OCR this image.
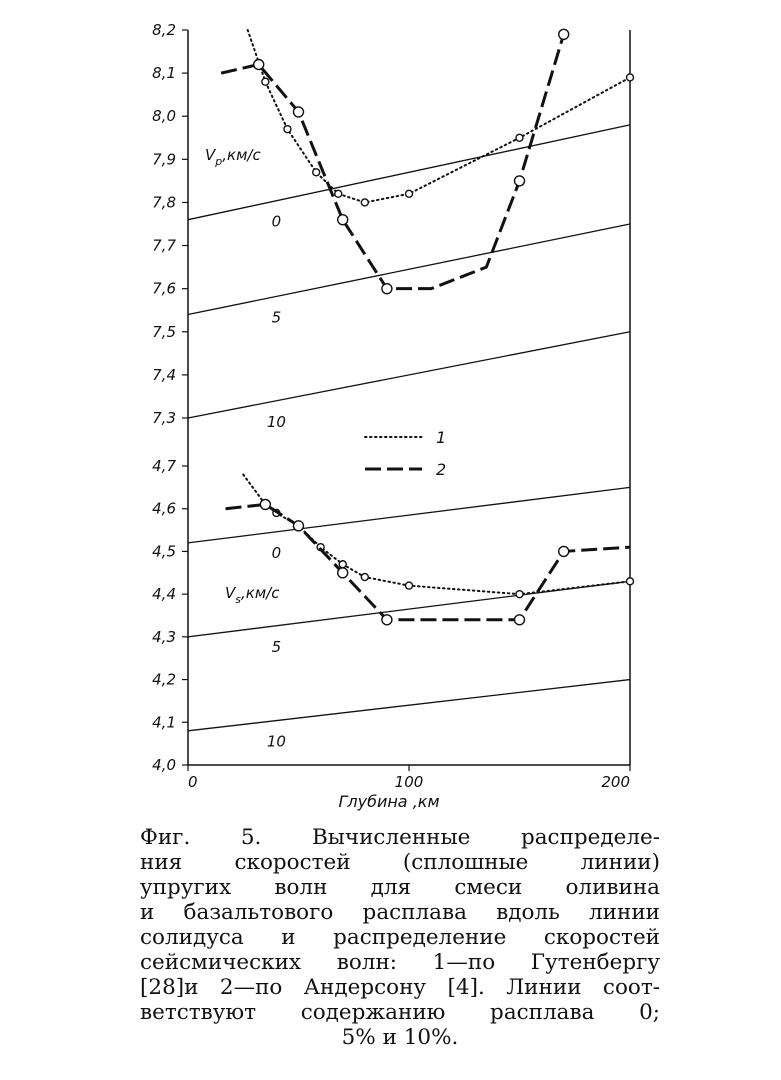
7,3
7,4
7,5
7,6
7,7
7,8
7,9
8,0
8,1
8,2
0
5
10
$V_p,км/с$
4,0
4,1
4,2
4,3
4,4
4,5
4,6
4,7
0
5
10
$V_s,км/с$
0	100	200
Глубина ,км
1
2
Фиг. 5. Вычисленные распределе-
ния скоростей (сплошные линии)
упругих волн для смеси оливина
и базальтового расплава вдоль линии
солидуса и распределение скоростей
сейсмических волн: 1—по Гутенбергу
[28]и 2—по Андерсону [4]. Линии соот-
ветствуют содержанию расплава 0;
5% и 10%.
